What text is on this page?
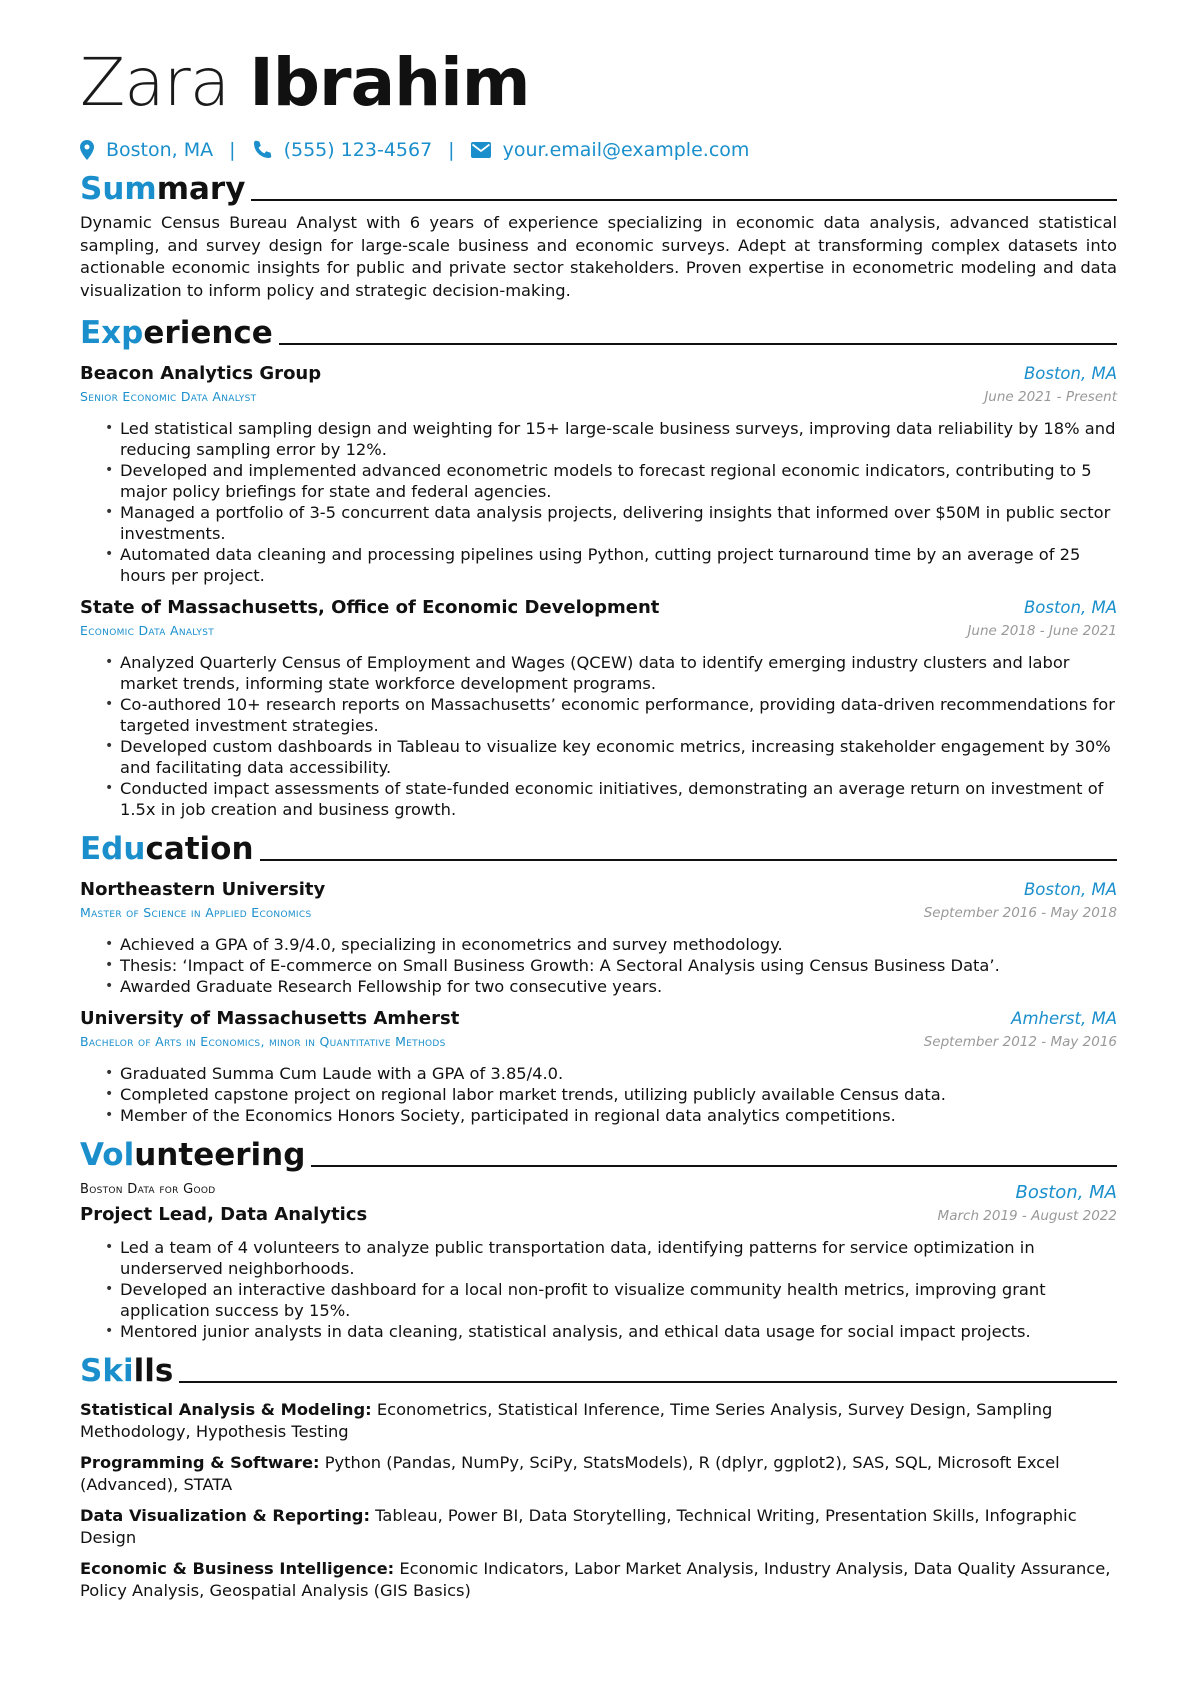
Zara Ibrahim
Boston, MA |	(555) 123-4567 |	your.email@example.com
Summary
Dynamic Census Bureau Analyst with 6 years of experience specializing in economic data analysis, advanced statistical sampling, and survey design for large-scale business and economic surveys. Adept at transforming complex datasets into actionable economic insights for public and private sector stakeholders. Proven expertise in econometric modeling and data visualization to inform policy and strategic decision-making.
Experience
Beacon Analytics Group	Boston, MA
Senior Economic Data Analyst	June 2021 - Present
• Led statistical sampling design and weighting for 15+ large-scale business surveys, improving data reliability by 18% and reducing sampling error by 12%.
• Developed and implemented advanced econometric models to forecast regional economic indicators, contributing to 5 major policy briefings for state and federal agencies.
• Managed a portfolio of 3-5 concurrent data analysis projects, delivering insights that informed over $50M in public sector investments.
• Automated data cleaning and processing pipelines using Python, cutting project turnaround time by an average of 25 hours per project.
State of Massachusetts, Office of Economic Development	Boston, MA
Economic Data Analyst	June 2018 - June 2021
• Analyzed Quarterly Census of Employment and Wages (QCEW) data to identify emerging industry clusters and labor market trends, informing state workforce development programs.
• Co-authored 10+ research reports on Massachusetts’ economic performance, providing data-driven recommendations for targeted investment strategies.
• Developed custom dashboards in Tableau to visualize key economic metrics, increasing stakeholder engagement by 30% and facilitating data accessibility.
• Conducted impact assessments of state-funded economic initiatives, demonstrating an average return on investment of 1.5x in job creation and business growth.
Education
Northeastern University	Boston, MA
Master of Science in Applied Economics	September 2016 - May 2018
• Achieved a GPA of 3.9/4.0, specializing in econometrics and survey methodology.
• Thesis: ‘Impact of E-commerce on Small Business Growth: A Sectoral Analysis using Census Business Data’.
• Awarded Graduate Research Fellowship for two consecutive years.
University of Massachusetts Amherst	Amherst, MA
Bachelor of Arts in Economics, minor in Quantitative Methods	September 2012 - May 2016
• Graduated Summa Cum Laude with a GPA of 3.85/4.0.
• Completed capstone project on regional labor market trends, utilizing publicly available Census data.
• Member of the Economics Honors Society, participated in regional data analytics competitions.
Volunteering
Boston Data for Good	Boston, MA
Project Lead, Data Analytics	March 2019 - August 2022
• Led a team of 4 volunteers to analyze public transportation data, identifying patterns for service optimization in underserved neighborhoods.
• Developed an interactive dashboard for a local non-profit to visualize community health metrics, improving grant application success by 15%.
• Mentored junior analysts in data cleaning, statistical analysis, and ethical data usage for social impact projects.
Skills
Statistical Analysis & Modeling: Econometrics, Statistical Inference, Time Series Analysis, Survey Design, Sampling Methodology, Hypothesis Testing
Programming & Software: Python (Pandas, NumPy, SciPy, StatsModels), R (dplyr, ggplot2), SAS, SQL, Microsoft Excel (Advanced), STATA
Data Visualization & Reporting: Tableau, Power BI, Data Storytelling, Technical Writing, Presentation Skills, Infographic Design
Economic & Business Intelligence: Economic Indicators, Labor Market Analysis, Industry Analysis, Data Quality Assurance, Policy Analysis, Geospatial Analysis (GIS Basics)
